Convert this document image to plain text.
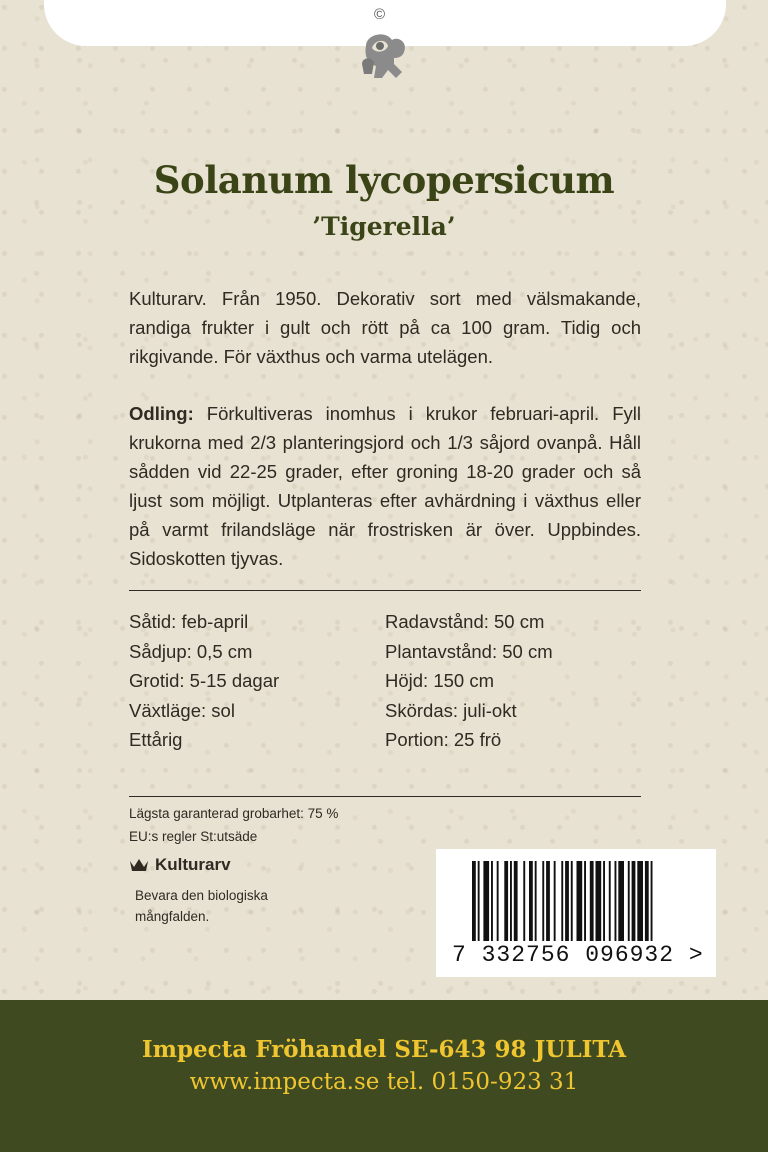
©
Solanum lycopersicum
’Tigerella’
Kulturarv. Från 1950. Dekorativ sort med välsmakande, randiga frukter i gult och rött på ca 100 gram. Tidig och rikgivande. För växthus och varma utelägen.
Odling: Förkultiveras inomhus i krukor februari-april. Fyll krukorna med 2/3 planteringsjord och 1/3 såjord ovanpå. Håll sådden vid 22-25 grader, efter groning 18-20 grader och så ljust som möjligt. Utplanteras efter avhärdning i växthus eller på varmt frilandsläge när frostrisken är över. Uppbindes. Sidoskotten tjyvas.
Såtid: feb-april
Sådjup: 0,5 cm
Grotid: 5-15 dagar
Växtläge: sol
Ettårig
Radavstånd: 50 cm
Plantavstånd: 50 cm
Höjd: 150 cm
Skördas: juli-okt
Portion: 25 frö
Lägsta garanterad grobarhet: 75 %
EU:s regler St:utsäde
Kulturarv
Bevara den biologiska mångfalden.
7 332756 096932 >
Impecta Fröhandel SE-643 98 JULITA
www.impecta.se tel. 0150-923 31
